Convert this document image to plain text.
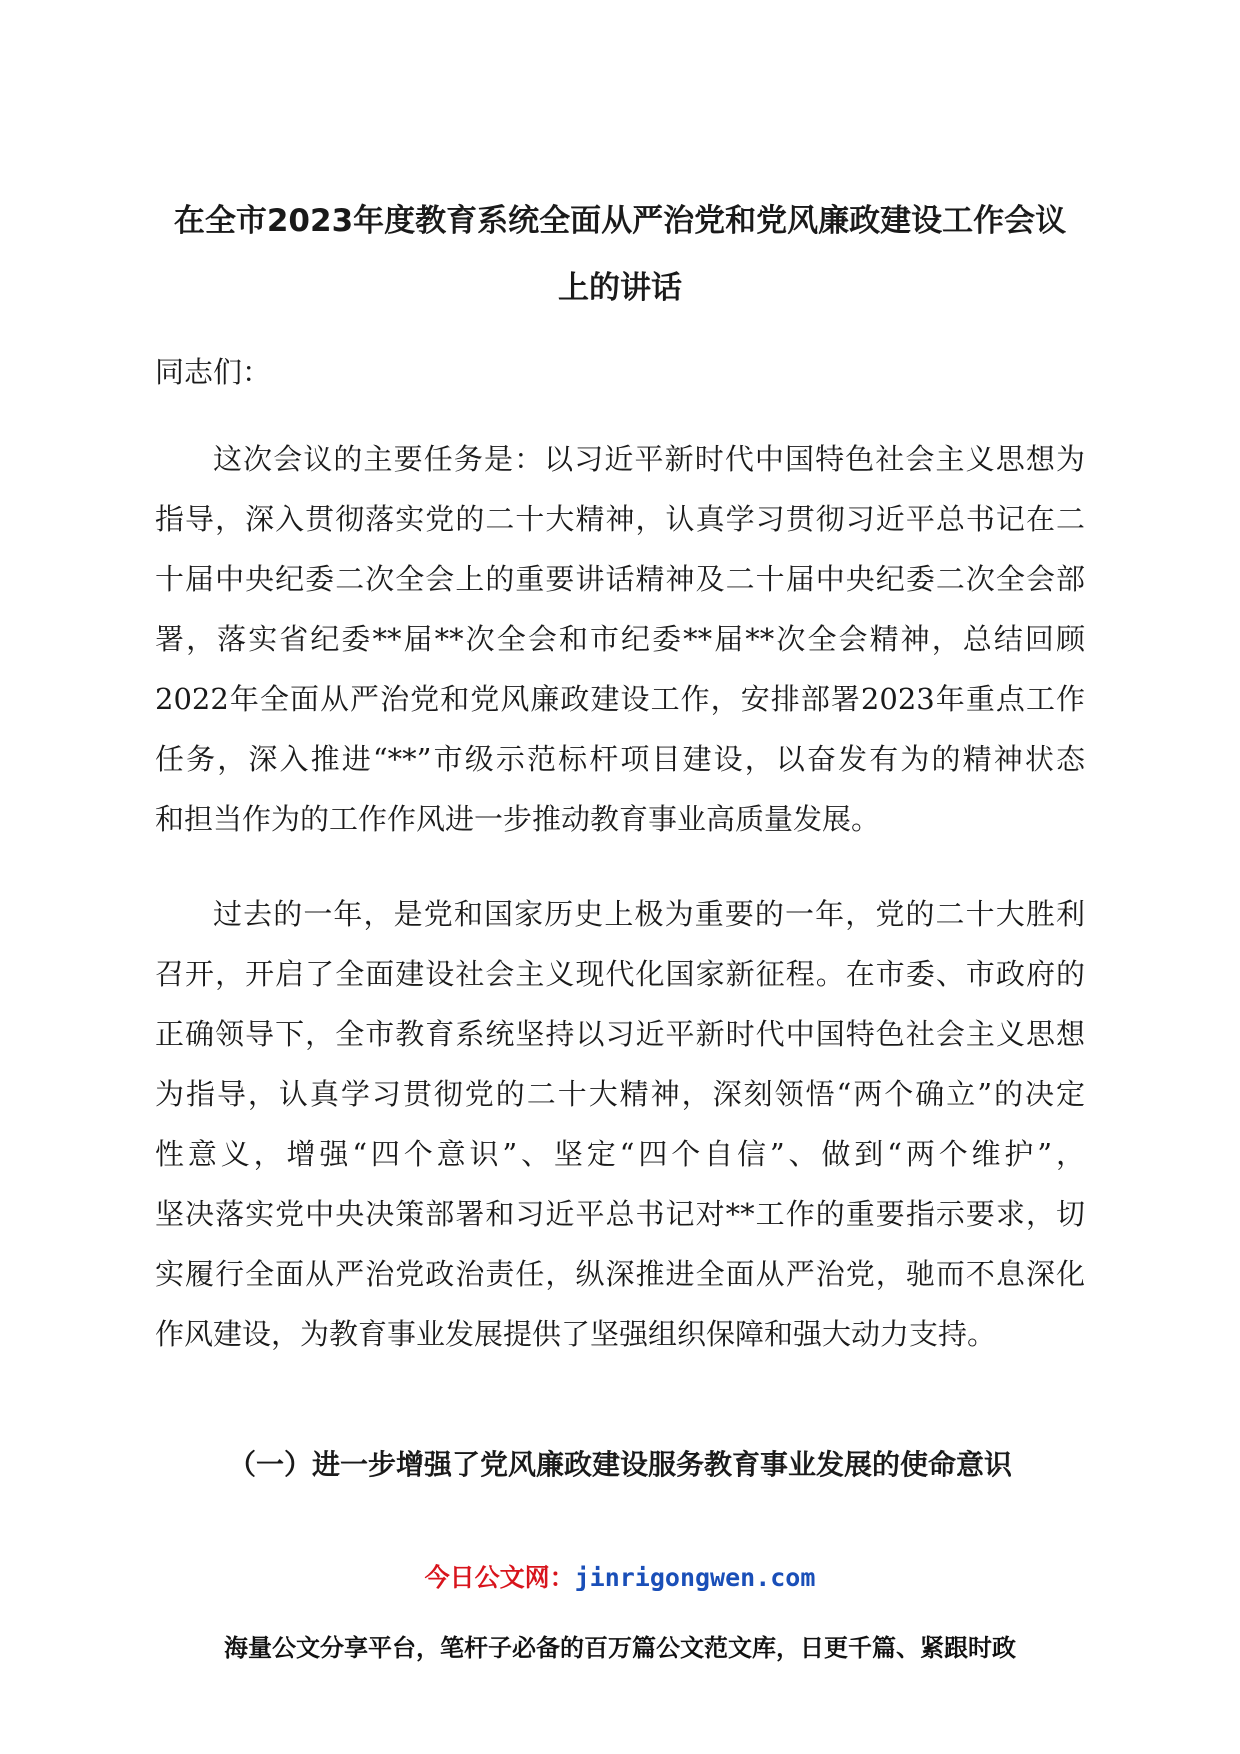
在全市2023年度教育系统全面从严治党和党风廉政建设工作会议
上的讲话
同志们：
这次会议的主要任务是：以习近平新时代中国特色社会主义思想为
指导，深入贯彻落实党的二十大精神，认真学习贯彻习近平总书记在二
十届中央纪委二次全会上的重要讲话精神及二十届中央纪委二次全会部
署，落实省纪委**届**次全会和市纪委**届**次全会精神，总结回顾
2022年全面从严治党和党风廉政建设工作，安排部署2023年重点工作
任务，深入推进“**”市级示范标杆项目建设，以奋发有为的精神状态
和担当作为的工作作风进一步推动教育事业高质量发展。
过去的一年，是党和国家历史上极为重要的一年，党的二十大胜利
召开，开启了全面建设社会主义现代化国家新征程。在市委、市政府的
正确领导下，全市教育系统坚持以习近平新时代中国特色社会主义思想
为指导，认真学习贯彻党的二十大精神，深刻领悟“两个确立”的决定
性意义，增强“四个意识”、坚定“四个自信”、做到“两个维护”，
坚决落实党中央决策部署和习近平总书记对**工作的重要指示要求，切
实履行全面从严治党政治责任，纵深推进全面从严治党，驰而不息深化
作风建设，为教育事业发展提供了坚强组织保障和强大动力支持。
（一）进一步增强了党风廉政建设服务教育事业发展的使命意识
今日公文网：jinrigongwen.com
海量公文分享平台，笔杆子必备的百万篇公文范文库，日更千篇、紧跟时政
